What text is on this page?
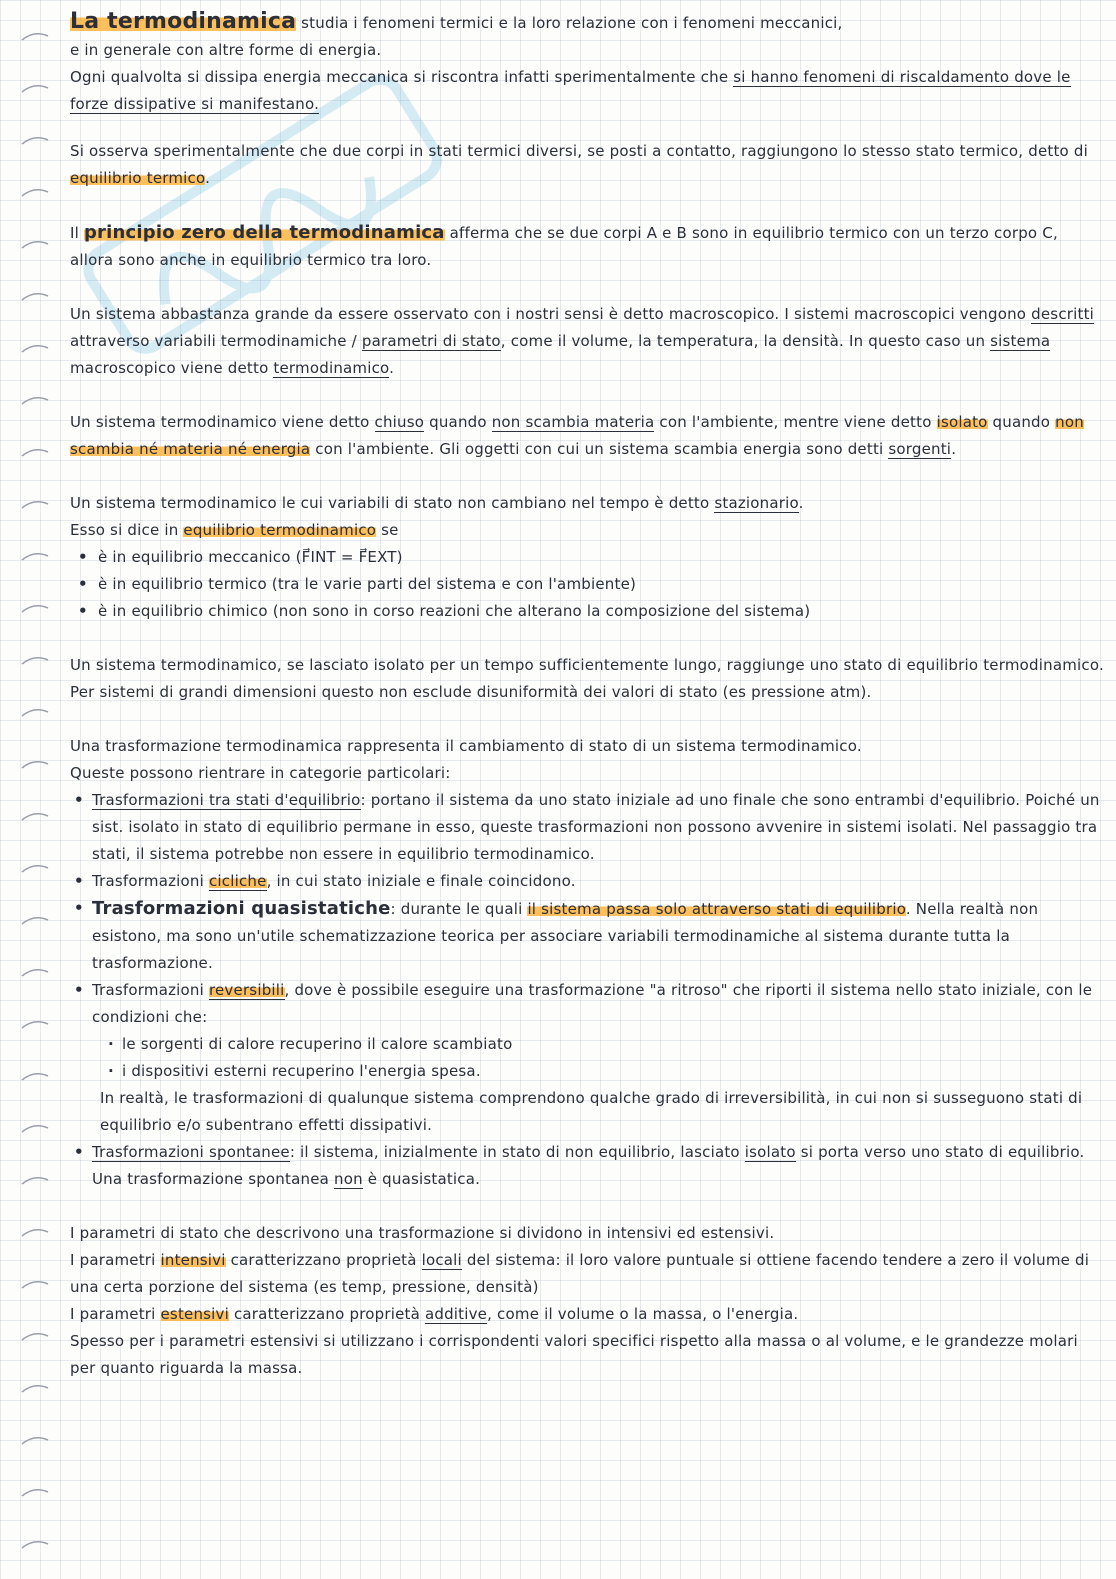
La termodinamica studia i fenomeni termici e la loro relazione con i fenomeni meccanici,
e in generale con altre forme di energia.
Ogni qualvolta si dissipa energia meccanica si riscontra infatti sperimentalmente che si hanno fenomeni di riscaldamento dove le forze dissipative si manifestano.
Si osserva sperimentalmente che due corpi in stati termici diversi, se posti a contatto, raggiungono lo stesso stato termico, detto di equilibrio termico.
Il principio zero della termodinamica afferma che se due corpi A e B sono in equilibrio termico con un terzo corpo C, allora sono anche in equilibrio termico tra loro.
Un sistema abbastanza grande da essere osservato con i nostri sensi è detto macroscopico. I sistemi macroscopici vengono descritti attraverso variabili termodinamiche / parametri di stato, come il volume, la temperatura, la densità. In questo caso un sistema macroscopico viene detto termodinamico.
Un sistema termodinamico viene detto chiuso quando non scambia materia con l'ambiente, mentre viene detto isolato quando non scambia né materia né energia con l'ambiente. Gli oggetti con cui un sistema scambia energia sono detti sorgenti.
Un sistema termodinamico le cui variabili di stato non cambiano nel tempo è detto stazionario.
Esso si dice in equilibrio termodinamico se
• è in equilibrio meccanico (F⃗INT = F⃗EXT)
• è in equilibrio termico (tra le varie parti del sistema e con l'ambiente)
• è in equilibrio chimico (non sono in corso reazioni che alterano la composizione del sistema)
Un sistema termodinamico, se lasciato isolato per un tempo sufficientemente lungo, raggiunge uno stato di equilibrio termodinamico.
Per sistemi di grandi dimensioni questo non esclude disuniformità dei valori di stato (es pressione atm).
Una trasformazione termodinamica rappresenta il cambiamento di stato di un sistema termodinamico.
Queste possono rientrare in categorie particolari:
• Trasformazioni tra stati d'equilibrio: portano il sistema da uno stato iniziale ad uno finale che sono entrambi d'equilibrio. Poiché un sist. isolato in stato di equilibrio permane in esso, queste trasformazioni non possono avvenire in sistemi isolati. Nel passaggio tra stati, il sistema potrebbe non essere in equilibrio termodinamico.
• Trasformazioni cicliche, in cui stato iniziale e finale coincidono.
• Trasformazioni quasistatiche: durante le quali il sistema passa solo attraverso stati di equilibrio. Nella realtà non esistono, ma sono un'utile schematizzazione teorica per associare variabili termodinamiche al sistema durante tutta la trasformazione.
• Trasformazioni reversibili, dove è possibile eseguire una trasformazione "a ritroso" che riporti il sistema nello stato iniziale, con le condizioni che:
· le sorgenti di calore recuperino il calore scambiato
· i dispositivi esterni recuperino l'energia spesa.
In realtà, le trasformazioni di qualunque sistema comprendono qualche grado di irreversibilità, in cui non si susseguono stati di equilibrio e/o subentrano effetti dissipativi.
• Trasformazioni spontanee: il sistema, inizialmente in stato di non equilibrio, lasciato isolato si porta verso uno stato di equilibrio. Una trasformazione spontanea non è quasistatica.
I parametri di stato che descrivono una trasformazione si dividono in intensivi ed estensivi.
I parametri intensivi caratterizzano proprietà locali del sistema: il loro valore puntuale si ottiene facendo tendere a zero il volume di una certa porzione del sistema (es temp, pressione, densità)
I parametri estensivi caratterizzano proprietà additive, come il volume o la massa, o l'energia.
Spesso per i parametri estensivi si utilizzano i corrispondenti valori specifici rispetto alla massa o al volume, e le grandezze molari per quanto riguarda la massa.
